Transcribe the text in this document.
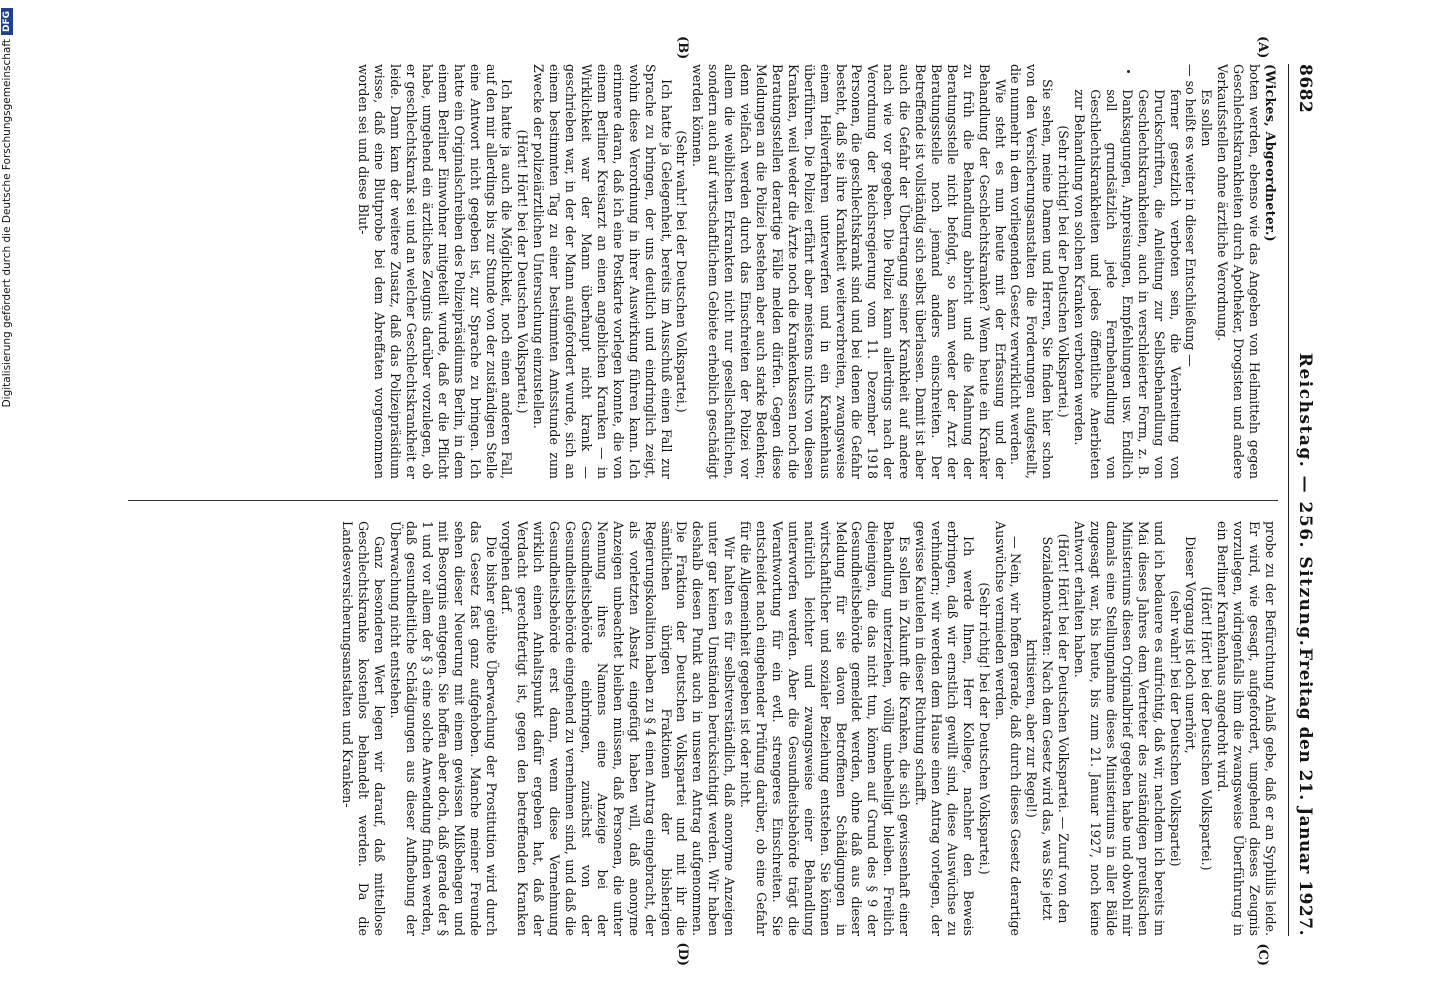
8682
Reichstag. — 256. Sitzung.
Freitag den 21. Januar 1927.
(A)
(B)
(C)
(D)

(Wickes, Abgeordneter.)

boten werden, ebenso wie das Angeben von Heilmitteln gegen Geschlechtskrankheiten durch Apotheker, Drogisten und andere Verkaufsstellen ohne ärztliche Verordnung.

Es sollen

— so heißt es weiter in dieser Entschließung —

ferner gesetzlich verboten sein, die Verbreitung von Druckschriften, die Anleitung zur Selbstbehandlung von Geschlechtskrankheiten, auch in verschleierter Form, z. B. Danksagungen, Anpreisungen, Empfehlungen usw. Endlich soll grundsätzlich jede Fernbehandlung von Geschlechtskrankheiten und jedes öffentliche Anerbieten zur Behandlung von solchen Kranken verboten werden.

(Sehr richtig! bei der Deutschen Volkspartei.)

Sie sehen, meine Damen und Herren, Sie finden hier schon von den Versicherungsanstalten die Forderungen aufgestellt, die nunmehr in dem vorliegenden Gesetz verwirklicht werden.

Wie steht es nun heute mit der Erfassung und der Behandlung der Geschlechtskranken? Wenn heute ein Kranker zu früh die Behandlung abbricht und die Mahnung der Beratungsstelle nicht befolgt, so kann weder der Arzt der Beratungsstelle noch jemand anders einschreiten. Der Betreffende ist vollständig sich selbst überlassen. Damit ist aber auch die Gefahr der Übertragung seiner Krankheit auf andere nach wie vor gegeben. Die Polizei kann allerdings nach der Verordnung der Reichsregierung vom 11. Dezember 1918 Personen, die geschlechtskrank sind und bei denen die Gefahr besteht, daß sie ihre Krankheit weiterverbreiten, zwangsweise einem Heilverfahren unterwerfen und in ein Krankenhaus überführen. Die Polizei erfährt aber meistens nichts von diesen Kranken, weil weder die Ärzte noch die Krankenkassen noch die Beratungsstellen derartige Fälle melden dürfen. Gegen diese Meldungen an die Polizei bestehen aber auch starke Bedenken; denn vielfach werden durch das Einschreiten der Polizei vor allem die weiblichen Erkrankten nicht nur gesellschaftlichen, sondern auch auf wirtschaftlichem Gebiete erheblich geschädigt werden können.

(Sehr wahr! bei der Deutschen Volkspartei.)

Ich hatte ja Gelegenheit, bereits im Ausschuß einen Fall zur Sprache zu bringen, der uns deutlich und eindringlich zeigt, wohin diese Verordnung in ihrer Auswirkung führen kann. Ich erinnere daran, daß ich eine Postkarte vorlegen konnte, die von einem Berliner Kreisarzt an einen angeblichen Kranken — in Wirklichkeit war der Mann überhaupt nicht krank — geschrieben war, in der der Mann aufgefordert wurde, sich an einem bestimmten Tag zu einer bestimmten Amtsstunde zum Zwecke der polizeiärztlichen Untersuchung einzustellen.

(Hört! Hört! bei der Deutschen Volkspartei.)

Ich hatte ja auch die Möglichkeit, noch einen anderen Fall, auf den mir allerdings bis zur Stunde von der zuständigen Stelle eine Antwort nicht gegeben ist, zur Sprache zu bringen. Ich hatte ein Originalschreiben des Polizeipräsidiums Berlin, in dem einem Berliner Einwohner mitgeteilt wurde, daß er die Pflicht habe, umgehend ein ärztliches Zeugnis darüber vorzulegen, ob er geschlechtskrank sei und an welcher Geschlechtskrankheit er leide. Dann kam der weitere Zusatz, daß das Polizeipräsidium wisse, daß eine Blutprobe bei dem Abreffaten vorgenommen worden sei und diese Blut-

probe zu der Befürchtung Anlaß gebe, daß er an Syphilis leide. Er wird, wie gesagt, aufgefordert, umgehend dieses Zeugnis vorzulegen, widrigenfalls ihm die zwangsweise Überführung in ein Berliner Krankenhaus angedroht wird.

(Hört! Hört! bei der Deutschen Volkspartei.)

Dieser Vorgang ist doch unerhört,

(sehr wahr! bei der Deutschen Volkspartei)

und ich bedauere es aufrichtig, daß wir, nachdem ich bereits im Mai dieses Jahres dem Vertreter des zuständigen preußischen Ministeriums diesen Originalbrief gegeben habe und obwohl mir damals eine Stellungnahme dieses Ministeriums in aller Bälde zugesagt war, bis heute, bis zum 21. Januar 1927, noch keine Antwort erhalten haben.

(Hört! Hört! bei der Deutschen Volkspartei. — Zuruf von den Sozialdemokraten: Nach dem Gesetz wird das, was Sie jetzt kritisieren, aber zur Regel!)

— Nein, wir hoffen gerade, daß durch dieses Gesetz derartige Auswüchse vermieden werden.

(Sehr richtig! bei der Deutschen Volkspartei.)

Ich werde Ihnen, Herr Kollege, nachher den Beweis erbringen, daß wir ernstlich gewillt sind, diese Auswüchse zu verhindern; wir werden dem Hause einen Antrag vorlegen, der gewisse Kautelen in dieser Richtung schafft.

Es sollen in Zukunft die Kranken, die sich gewissenhaft einer Behandlung unterziehen, völlig unbehelligt bleiben. Freilich diejenigen, die das nicht tun, können auf Grund des § 9 der Gesundheitsbehörde gemeldet werden, ohne daß aus dieser Meldung für sie davon Betroffenen Schädigungen in wirtschaftlicher und sozialer Beziehung entstehen. Sie können natürlich leichter und zwangsweise einer Behandlung unterworfen werden. Aber die Gesundheitsbehörde trägt die Verantwortung für ein evtl. strengeres Einschreiten. Sie entscheidet nach eingehender Prüfung darüber, ob eine Gefahr für die Allgemeinheit gegeben ist oder nicht.

Wir halten es für selbstverständlich, daß anonyme Anzeigen unter gar keinen Umständen berücksichtigt werden. Wir haben deshalb diesen Punkt auch in unseren Antrag aufgenommen. Die Fraktion der Deutschen Volkspartei und mit ihr die sämtlichen übrigen Fraktionen der bisherigen Regierungskoalition haben zu § 4 einen Antrag eingebracht, der als vorletzten Absatz eingefügt haben will, daß anonyme Anzeigen unbeachtet bleiben müssen, daß Personen, die unter Nennung ihres Namens eine Anzeige bei der Gesundheitsbehörde einbringen, zunächst von der Gesundheitsbehörde eingehend zu vernehmen sind, und daß die Gesundheitsbehörde erst dann, wenn diese Vernehmung wirklich einen Anhaltspunkt dafür ergeben hat, daß der Verdacht gerechtfertigt ist, gegen den betreffenden Kranken vorgehen darf.

Die bisher geübte Überwachung der Prostitution wird durch das Gesetz fast ganz aufgehoben. Manche meiner Freunde sehen dieser Neuerung mit einem gewissen Mißbehagen und mit Besorgnis entgegen. Sie hoffen aber doch, daß gerade der § 1 und vor allem der § 3 eine solche Anwendung finden werden, daß gesundheitliche Schädigungen aus dieser Aufhebung der Überwachung nicht entstehen.

Ganz besonderen Wert legen wir darauf, daß mittellose Geschlechtskranke kostenlos behandelt werden. Da die Landesversicherungsanstalten und Kranken-

Digitalisierung gefördert durch die Deutsche Forschungsgemeinschaft
DFG
